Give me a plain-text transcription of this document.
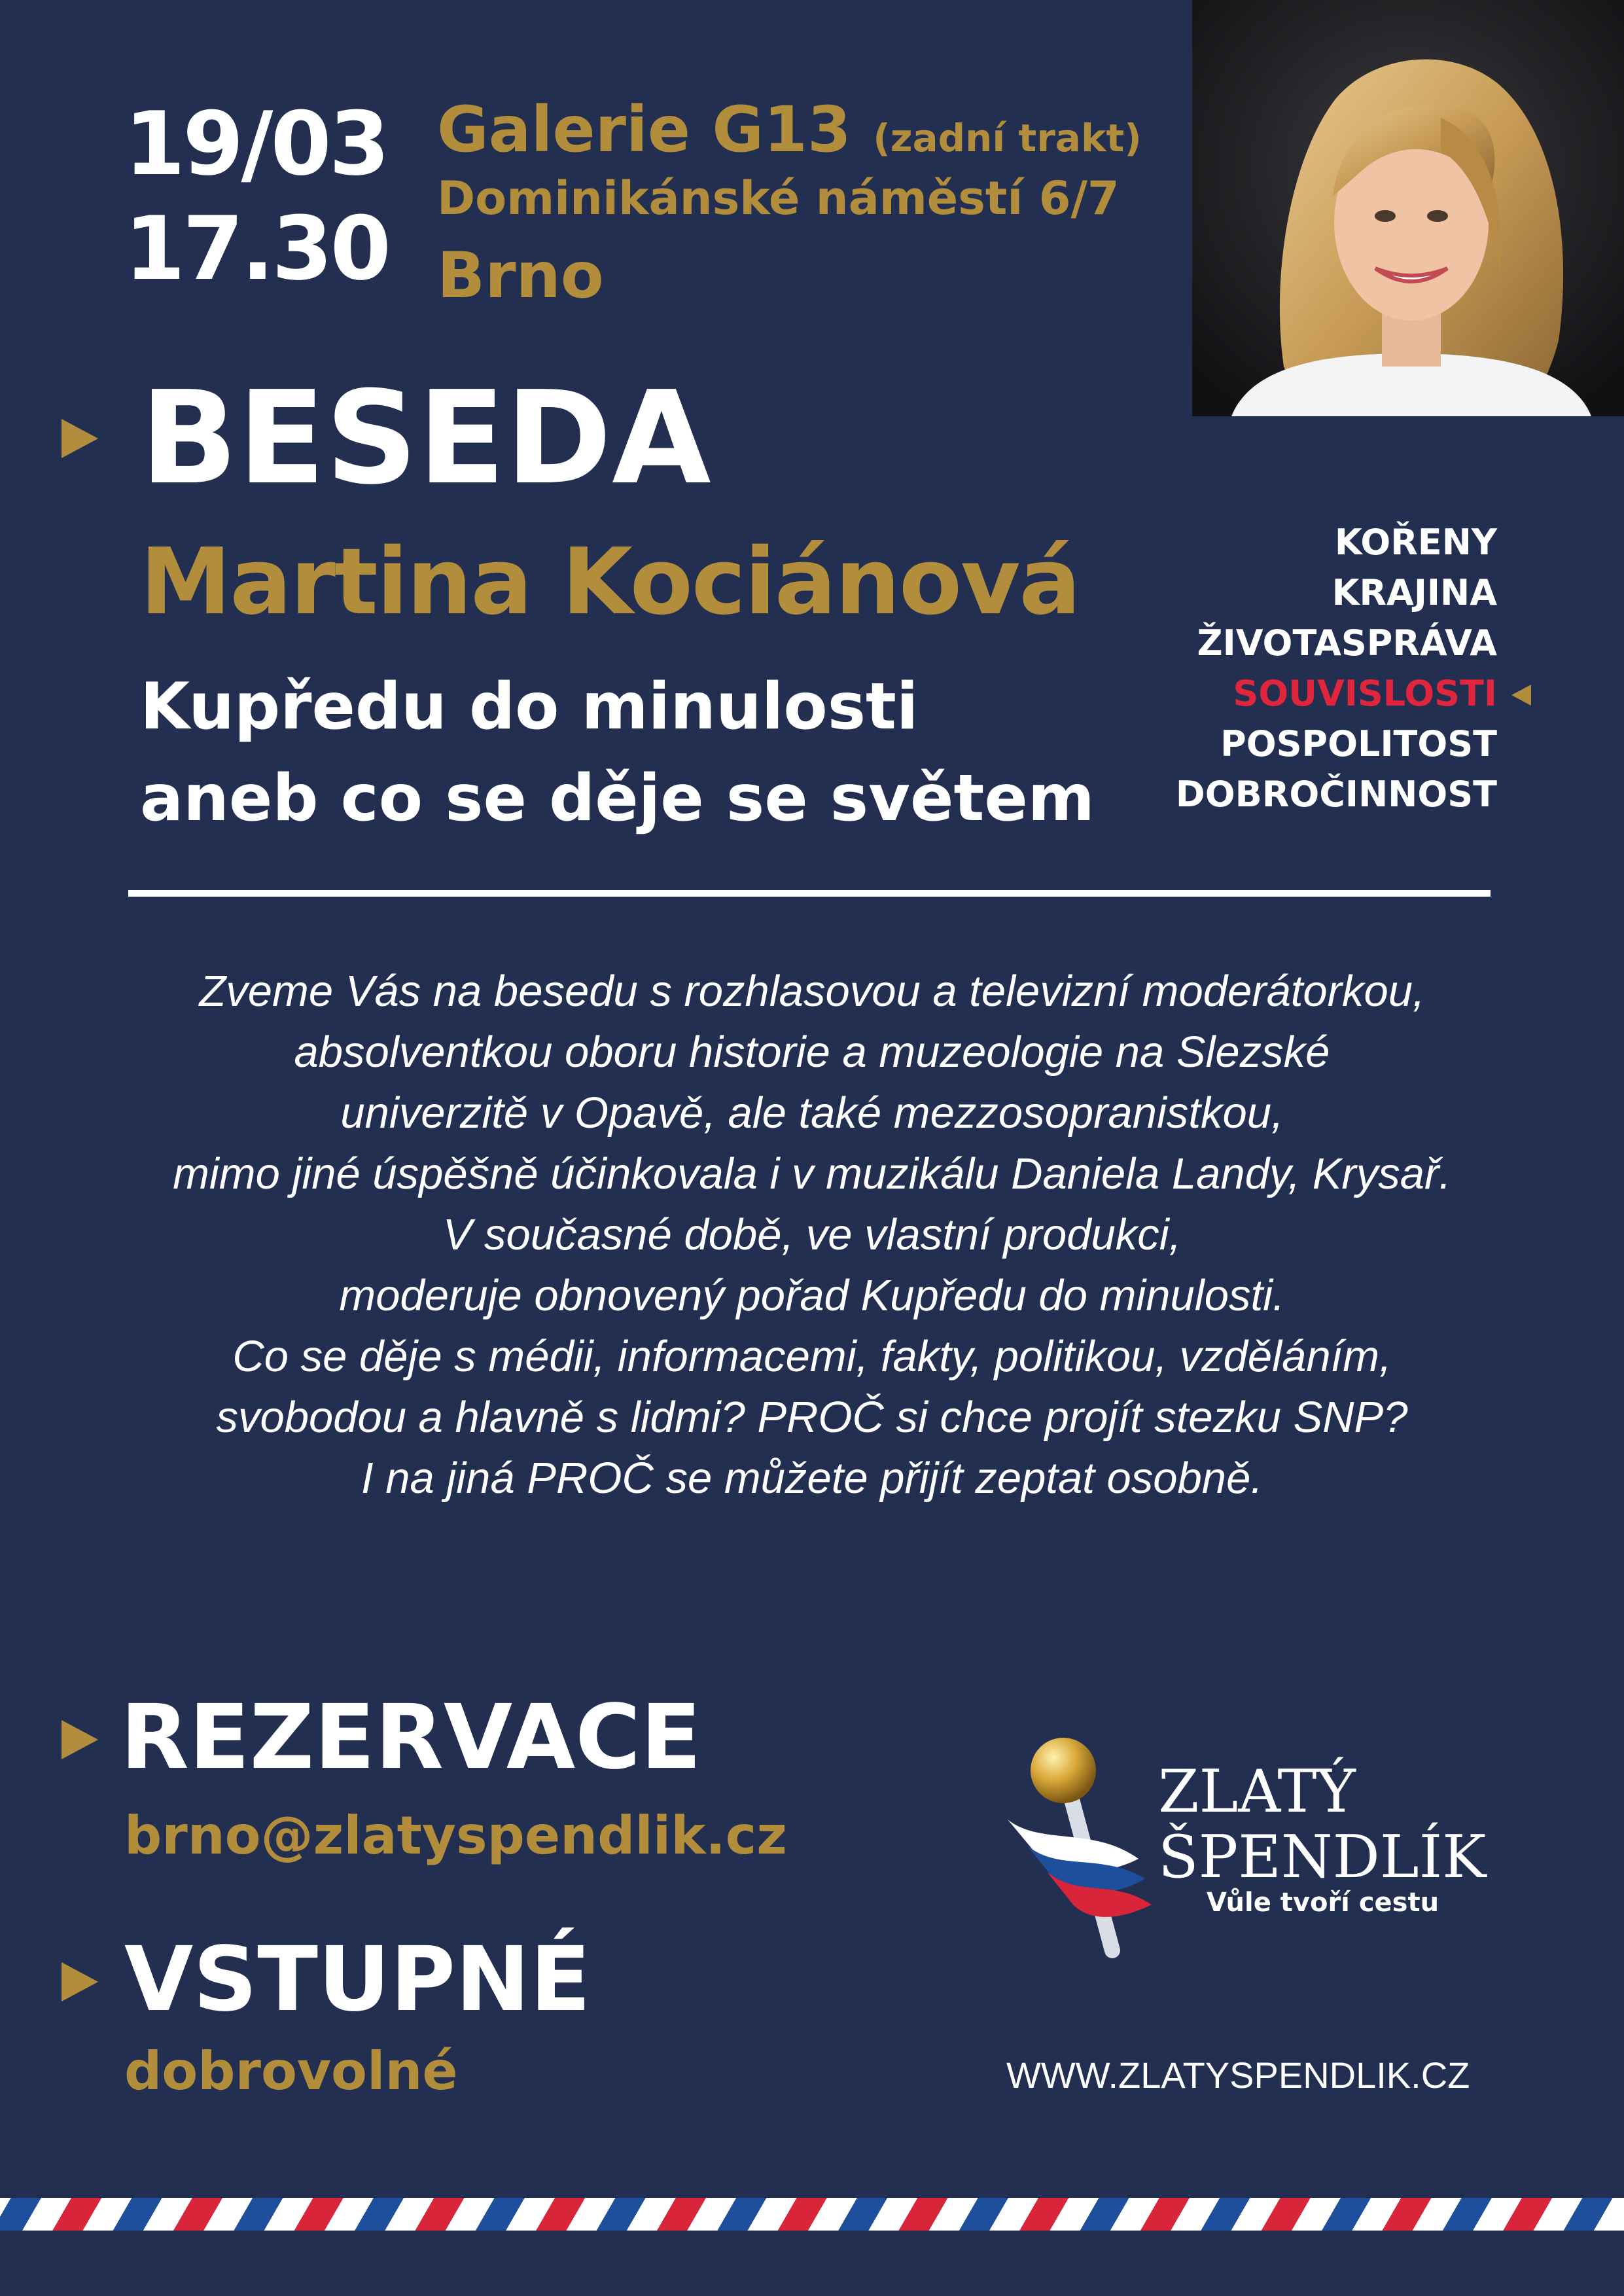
19/03
17.30
Galerie G13 (zadní trakt)
Dominikánské náměstí 6/7
Brno
BESEDA
Martina Kociánová
Kupředu do minulosti
aneb co se děje se světem
KOŘENY
KRAJINA
ŽIVOTASPRÁVA
SOUVISLOSTI
POSPOLITOST
DOBROČINNOST
Zveme Vás na besedu s rozhlasovou a televizní moderátorkou,
absolventkou oboru historie a muzeologie na Slezské
univerzitě v Opavě, ale také mezzosopranistkou,
mimo jiné úspěšně účinkovala i v muzikálu Daniela Landy, Krysař.
V současné době, ve vlastní produkci,
moderuje obnovený pořad Kupředu do minulosti.
Co se děje s médii, informacemi, fakty, politikou, vzděláním,
svobodou a hlavně s lidmi? PROČ si chce projít stezku SNP?
I na jiná PROČ se můžete přijít zeptat osobně.
REZERVACE
brno@zlatyspendlik.cz
VSTUPNÉ
dobrovolné
ZLATÝ
ŠPENDLÍK
Vůle tvoří cestu
WWW.ZLATYSPENDLIK.CZ
